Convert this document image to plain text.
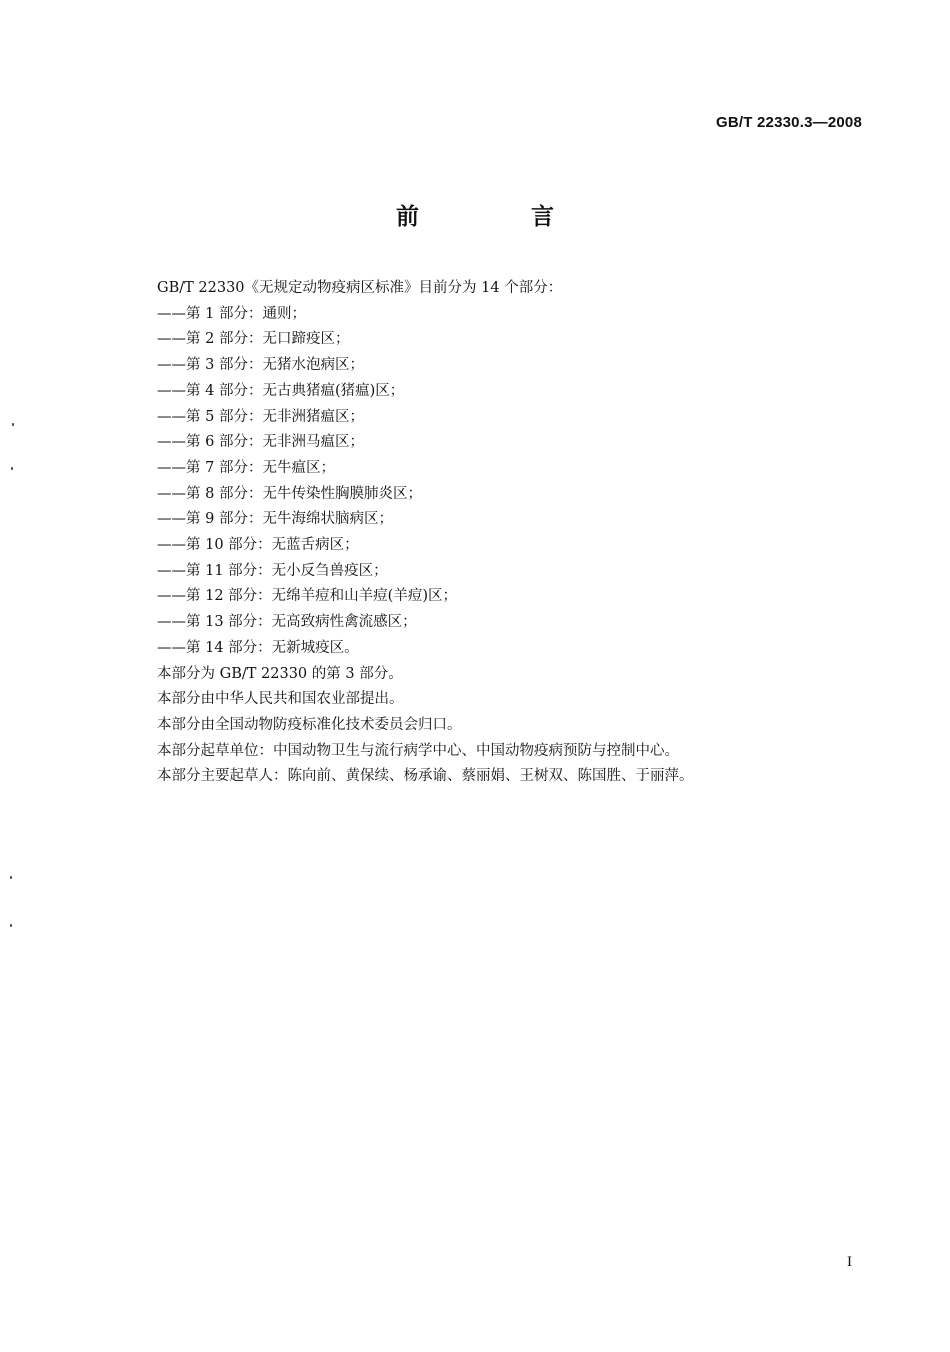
GB/T 22330.3—2008
前 言
GB/T 22330《无规定动物疫病区标准》目前分为 14 个部分：
——第 1 部分：通则；
——第 2 部分：无口蹄疫区；
——第 3 部分：无猪水泡病区；
——第 4 部分：无古典猪瘟(猪瘟)区；
——第 5 部分：无非洲猪瘟区；
——第 6 部分：无非洲马瘟区；
——第 7 部分：无牛瘟区；
——第 8 部分：无牛传染性胸膜肺炎区；
——第 9 部分：无牛海绵状脑病区；
——第 10 部分：无蓝舌病区；
——第 11 部分：无小反刍兽疫区；
——第 12 部分：无绵羊痘和山羊痘(羊痘)区；
——第 13 部分：无高致病性禽流感区；
——第 14 部分：无新城疫区。
本部分为 GB/T 22330 的第 3 部分。
本部分由中华人民共和国农业部提出。
本部分由全国动物防疫标准化技术委员会归口。
本部分起草单位：中国动物卫生与流行病学中心、中国动物疫病预防与控制中心。
本部分主要起草人：陈向前、黄保续、杨承谕、蔡丽娟、王树双、陈国胜、于丽萍。
I
